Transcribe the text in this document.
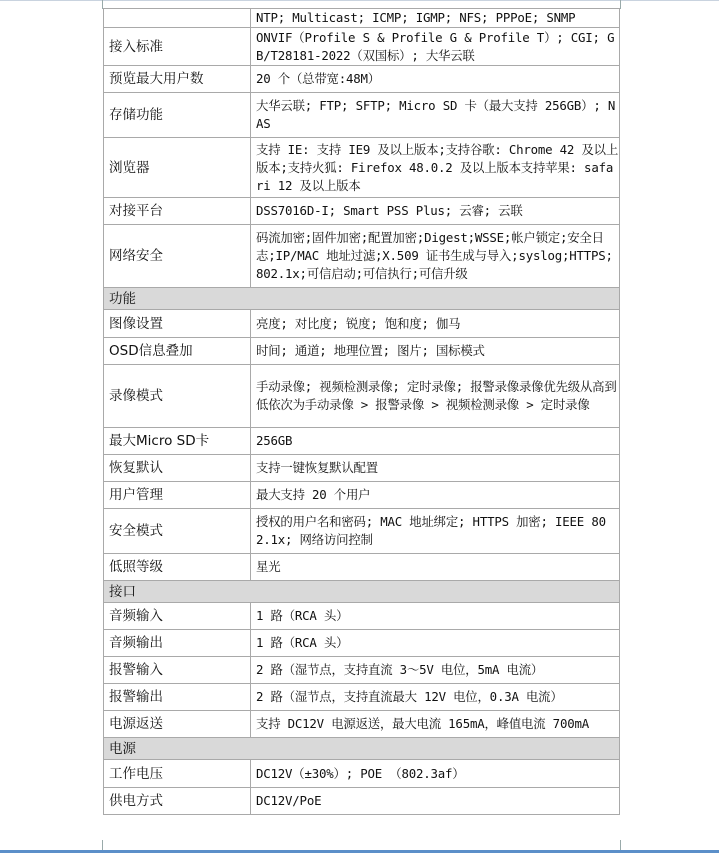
	NTP; Multicast; ICMP; IGMP; NFS; PPPoE; SNMP
接入标准	ONVIF（Profile S & Profile G & Profile T）; CGI; GB/T28181-2022（双国标）; 大华云联
预览最大用户数	20 个（总带宽:48M）
存储功能	大华云联; FTP; SFTP; Micro SD 卡（最大支持 256GB）; NAS
浏览器	支持 IE: 支持 IE9 及以上版本;支持谷歌: Chrome 42 及以上版本;支持火狐: Firefox 48.0.2 及以上版本支持苹果: safari 12 及以上版本
对接平台	DSS7016D-I; Smart PSS Plus; 云睿; 云联
网络安全	码流加密;固件加密;配置加密;Digest;WSSE;帐户锁定;安全日志;IP/MAC 地址过滤;X.509 证书生成与导入;syslog;HTTPS;802.1x;可信启动;可信执行;可信升级
功能	
图像设置	亮度; 对比度; 锐度; 饱和度; 伽马
OSD信息叠加	时间; 通道; 地理位置; 图片; 国标模式
录像模式	手动录像; 视频检测录像; 定时录像; 报警录像录像优先级从高到低依次为手动录像 > 报警录像 > 视频检测录像 > 定时录像
最大Micro SD卡	256GB
恢复默认	支持一键恢复默认配置
用户管理	最大支持 20 个用户
安全模式	授权的用户名和密码; MAC 地址绑定; HTTPS 加密; IEEE 802.1x; 网络访问控制
低照等级	星光
接口	
音频输入	1 路（RCA 头）
音频输出	1 路（RCA 头）
报警输入	2 路（湿节点，支持直流 3～5V 电位，5mA 电流）
报警输出	2 路（湿节点，支持直流最大 12V 电位，0.3A 电流）
电源返送	支持 DC12V 电源返送，最大电流 165mA，峰值电流 700mA
电源	
工作电压	DC12V（±30%）; POE （802.3af）
供电方式	DC12V/PoE
